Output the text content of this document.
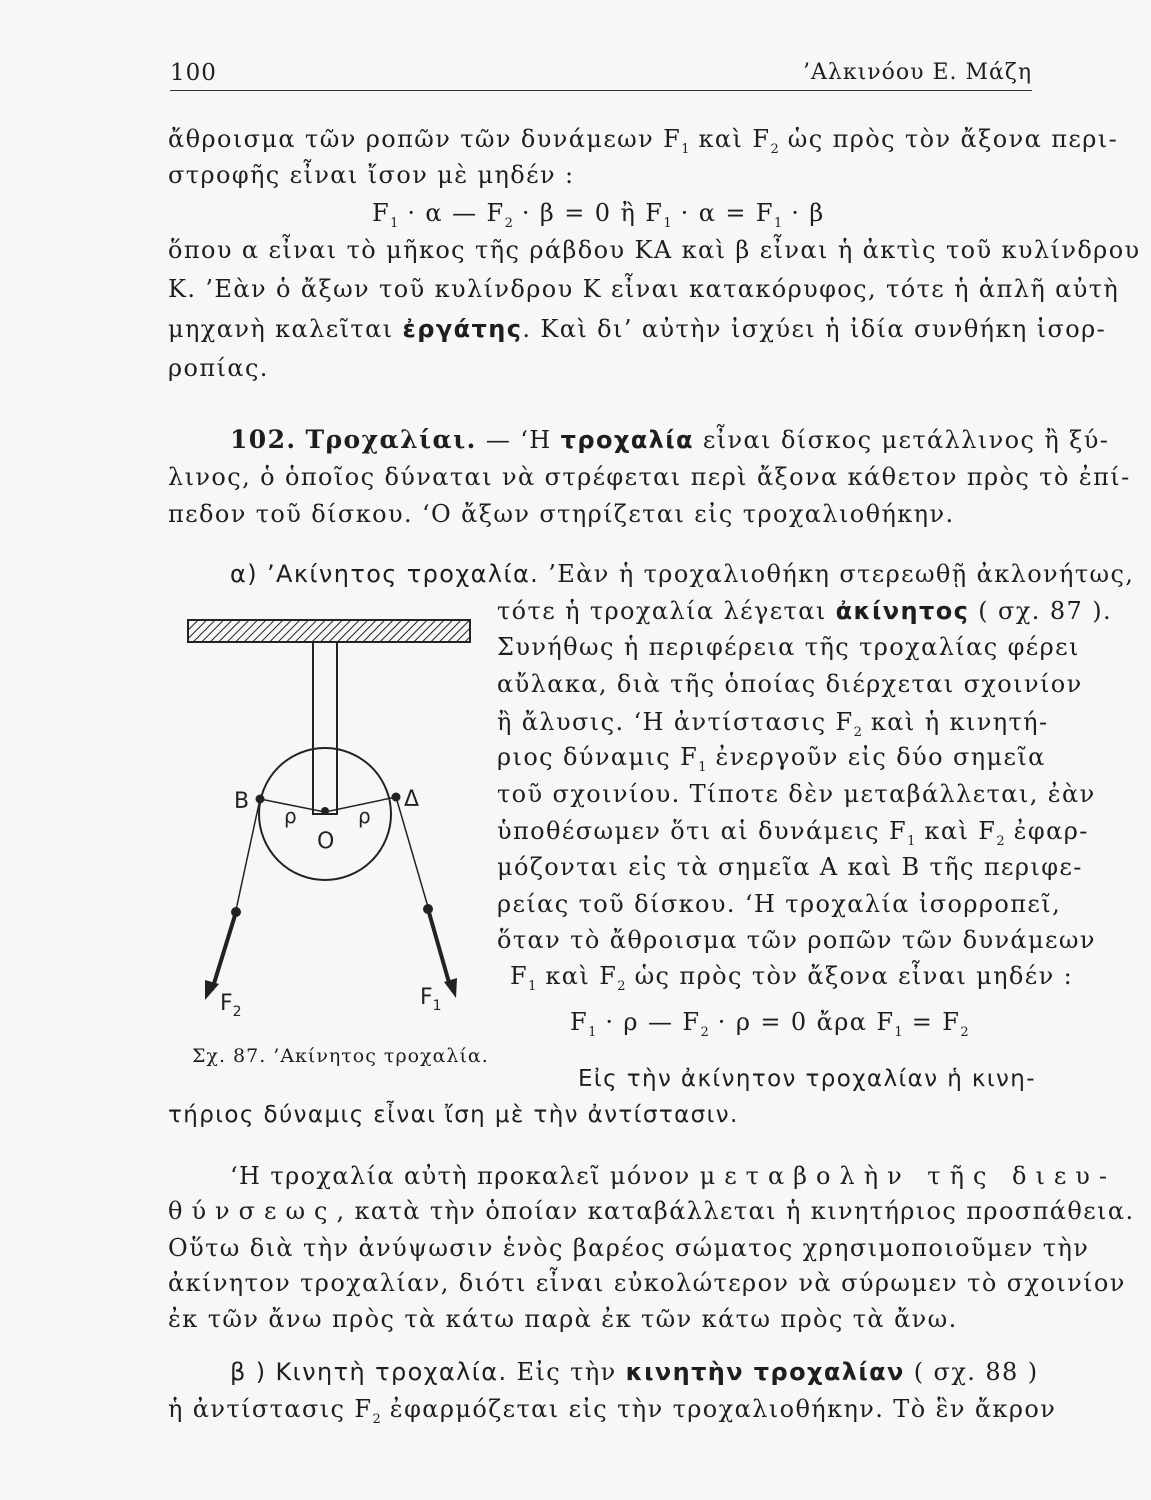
100	’Αλκινόου Ε. Μάζη
ἄθροισμα τῶν ροπῶν τῶν δυνάμεων $F_1$ καὶ $F_2$ ὡς πρὸς τὸν ἄξονα περι-
στροφῆς εἶναι ἴσον μὲ μηδέν :
$F_1 \cdot \alpha$ — $F_2 \cdot \beta = 0$ ἢ $F_1 \cdot \alpha = F_1 \cdot \beta$
ὅπου α εἶναι τὸ μῆκος τῆς ράβδου ΚΑ καὶ β εἶναι ἡ ἀκτὶς τοῦ κυλίνδρου
Κ. ’Εὰν ὁ ἄξων τοῦ κυλίνδρου Κ εἶναι κατακόρυφος, τότε ἡ ἁπλῆ αὐτὴ
μηχανὴ καλεῖται ἐργάτης. Καὶ δι’ αὐτὴν ἰσχύει ἡ ἰδία συνθήκη ἰσορ-
ροπίας.
102. Τροχαλίαι. — ‘Η τροχαλία εἶναι δίσκος μετάλλινος ἢ ξύ-
λινος, ὁ ὁποῖος δύναται νὰ στρέφεται περὶ ἄξονα κάθετον πρὸς τὸ ἐπί-
πεδον τοῦ δίσκου. ‘Ο ἄξων στηρίζεται εἰς τροχαλιοθήκην.
α) ’Ακίνητος τροχαλία. ’Εὰν ἡ τροχαλιοθήκη στερεωθῇ ἀκλονήτως,
τότε ἡ τροχαλία λέγεται ἀκίνητος ( σχ. 87 ).
Συνήθως ἡ περιφέρεια τῆς τροχαλίας φέρει
αὔλακα, διὰ τῆς ὁποίας διέρχεται σχοινίον
ἢ ἄλυσις. ‘Η ἀντίστασις $F_2$ καὶ ἡ κινητή-
ριος δύναμις $F_1$ ἐνεργοῦν εἰς δύο σημεῖα
τοῦ σχοινίου. Τίποτε δὲν μεταβάλλεται, ἐὰν
ὑποθέσωμεν ὅτι αἱ δυνάμεις $F_1$ καὶ $F_2$ ἐφαρ-
μόζονται εἰς τὰ σημεῖα Α καὶ Β τῆς περιφε-
ρείας τοῦ δίσκου. ‘Η τροχαλία ἰσορροπεῖ,
ὅταν τὸ ἄθροισμα τῶν ροπῶν τῶν δυνάμεων
$F_1$ καὶ $F_2$ ὡς πρὸς τὸν ἄξονα εἶναι μηδέν :
$F_1 \cdot \rho$ — $F_2 \cdot \rho = 0$ ἄρα $F_1 = F_2$
Εἰς τὴν ἀκίνητον τροχαλίαν ἡ κινη-
τήριος δύναμις εἶναι ἴση μὲ τὴν ἀντίστασιν.
Β	Δ
ρ	ρ
Ο
$F_2$
$F_1$
Σχ. 87. ’Ακίνητος τροχαλία.
‘Η τροχαλία αὐτὴ προκαλεῖ μόνον μεταβολὴν τῆς διευ-
θύνσεως, κατὰ τὴν ὁποίαν καταβάλλεται ἡ κινητήριος προσπάθεια.
Οὕτω διὰ τὴν ἀνύψωσιν ἑνὸς βαρέος σώματος χρησιμοποιοῦμεν τὴν
ἀκίνητον τροχαλίαν, διότι εἶναι εὐκολώτερον νὰ σύρωμεν τὸ σχοινίον
ἐκ τῶν ἄνω πρὸς τὰ κάτω παρὰ ἐκ τῶν κάτω πρὸς τὰ ἄνω.
β ) Κινητὴ τροχαλία. Εἰς τὴν κινητὴν τροχαλίαν ( σχ. 88 )
ἡ ἀντίστασις $F_2$ ἐφαρμόζεται εἰς τὴν τροχαλιοθήκην. Τὸ ἓν ἄκρον
